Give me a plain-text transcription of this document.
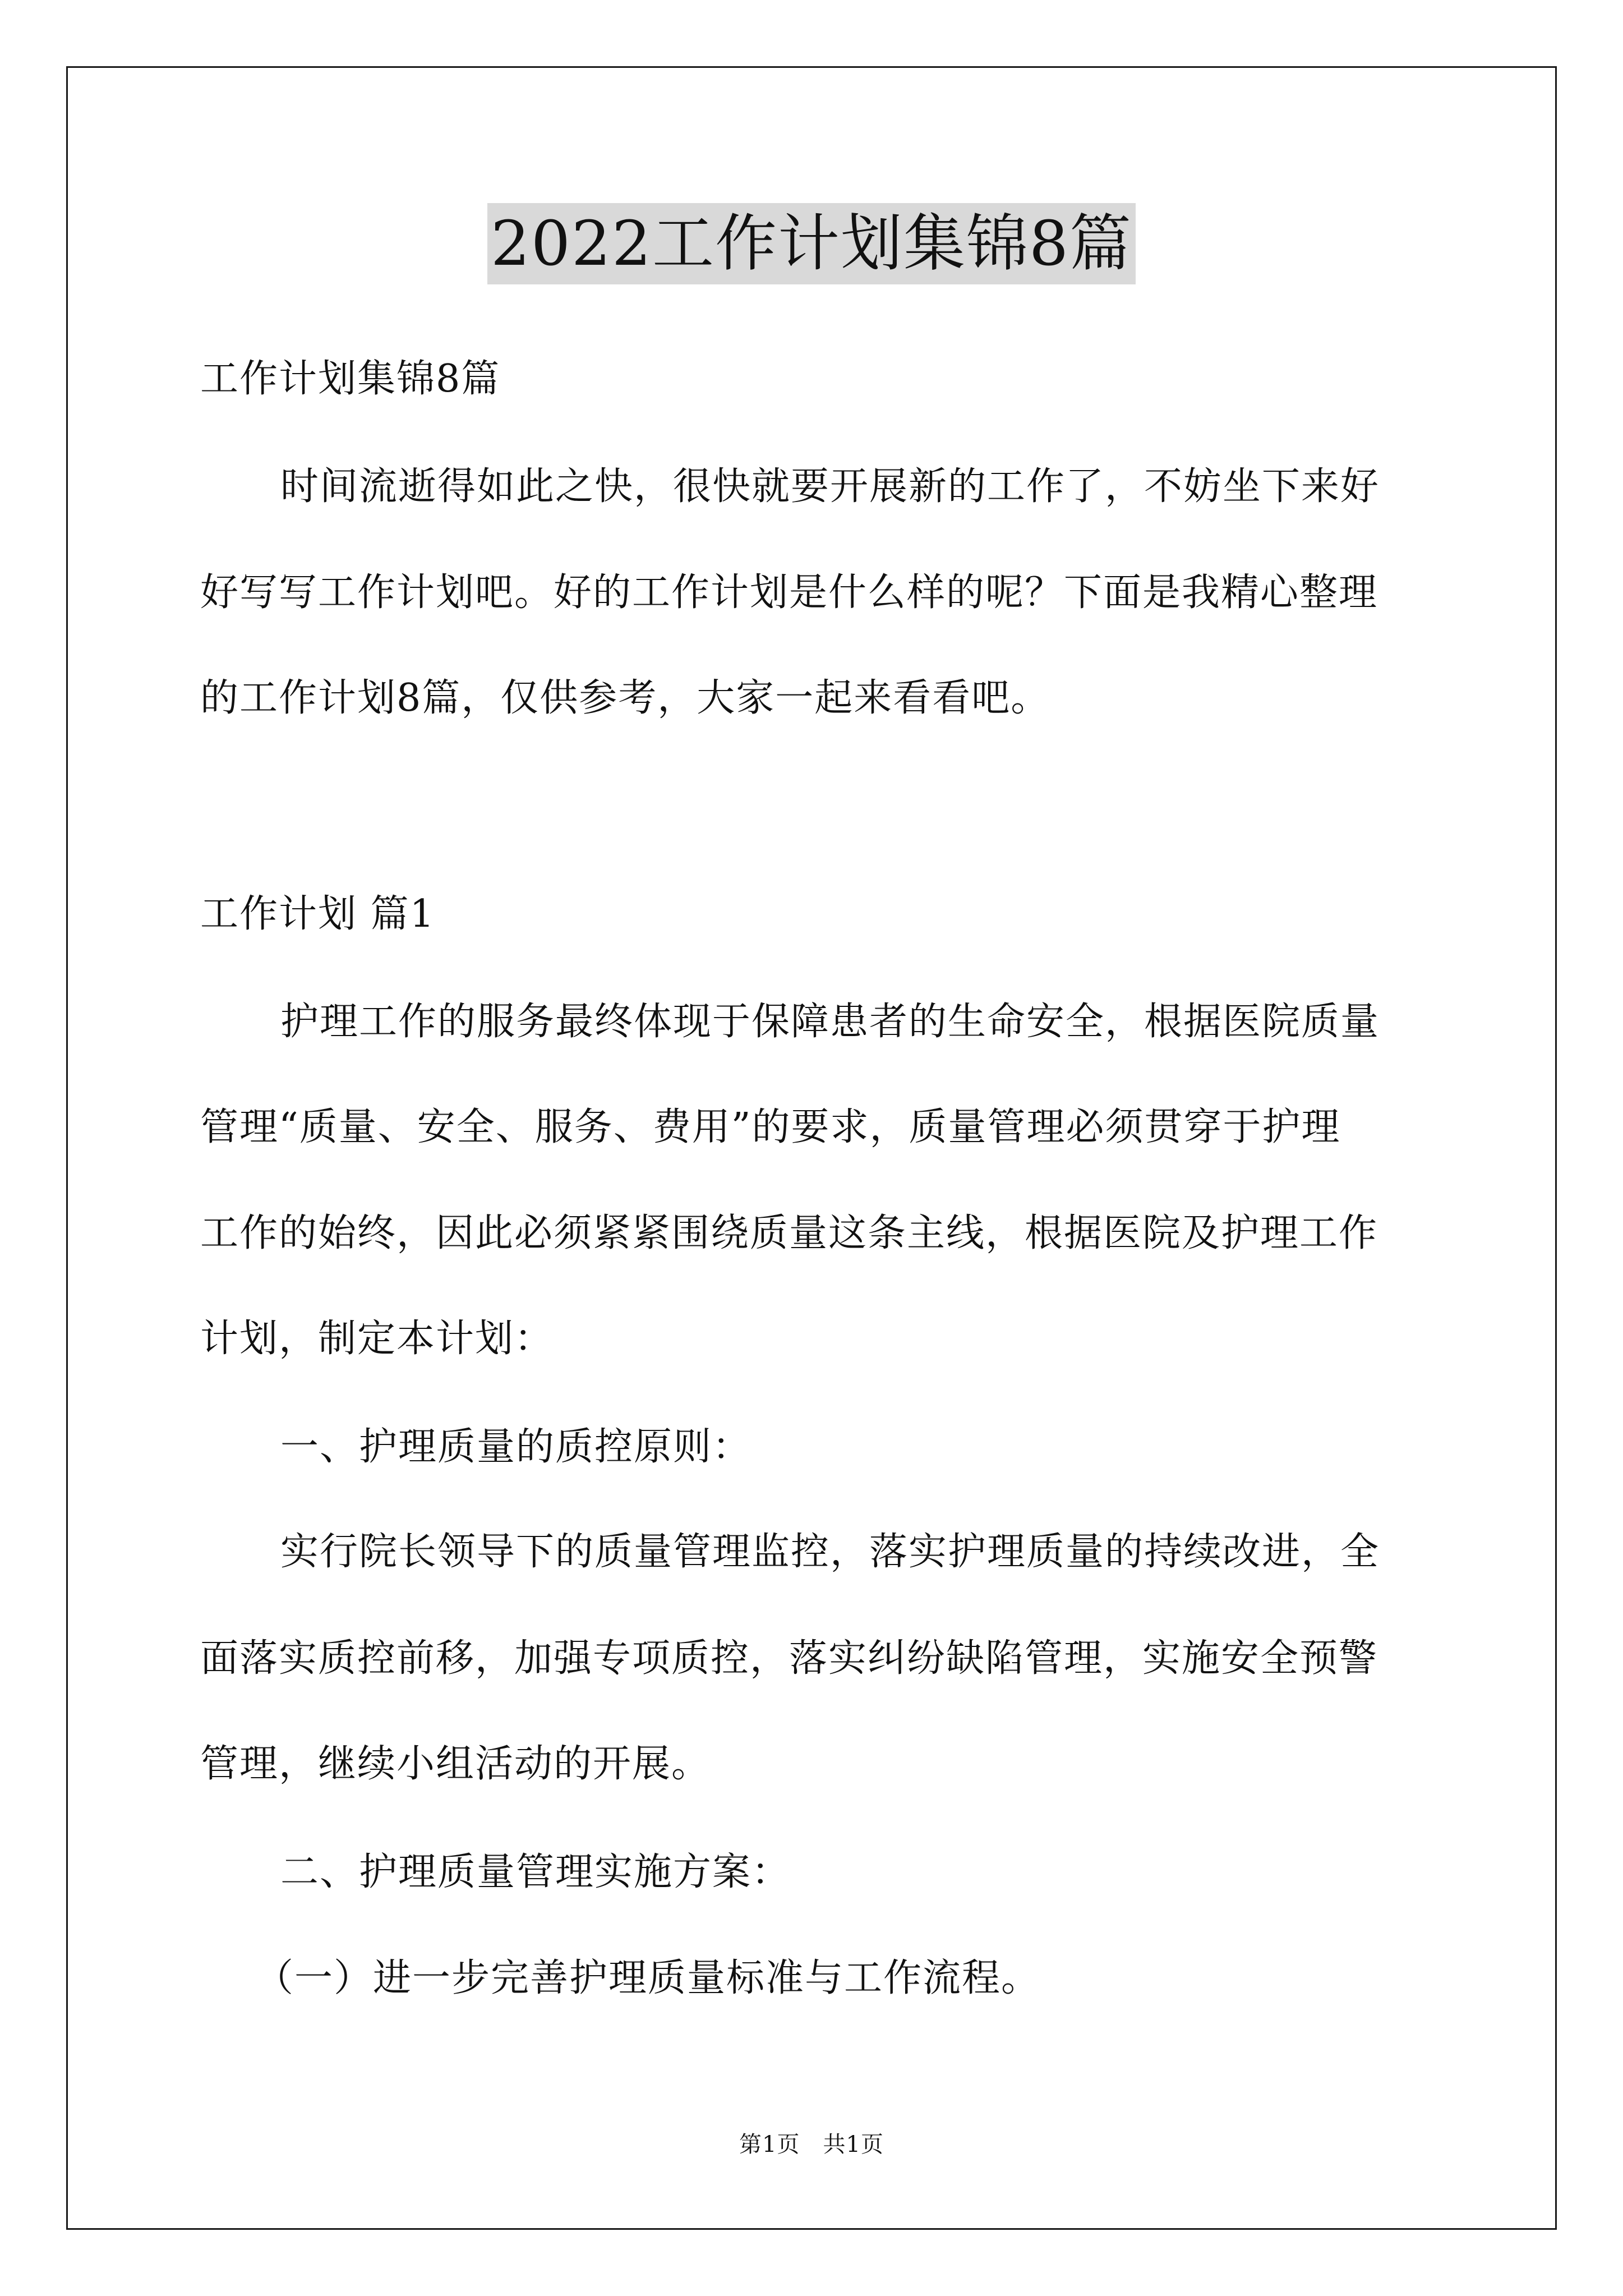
2022工作计划集锦8篇
工作计划集锦8篇
时间流逝得如此之快，很快就要开展新的工作了，不妨坐下来好
好写写工作计划吧。好的工作计划是什么样的呢？下面是我精心整理
的工作计划8篇，仅供参考，大家一起来看看吧。
工作计划 篇1
护理工作的服务最终体现于保障患者的生命安全，根据医院质量
管理“质量、安全、服务、费用”的要求，质量管理必须贯穿于护理
工作的始终，因此必须紧紧围绕质量这条主线，根据医院及护理工作
计划，制定本计划：
一、护理质量的质控原则：
实行院长领导下的质量管理监控，落实护理质量的持续改进，全
面落实质控前移，加强专项质控，落实纠纷缺陷管理，实施安全预警
管理，继续小组活动的开展。
二、护理质量管理实施方案：
（一）进一步完善护理质量标准与工作流程。
第1页　共1页
